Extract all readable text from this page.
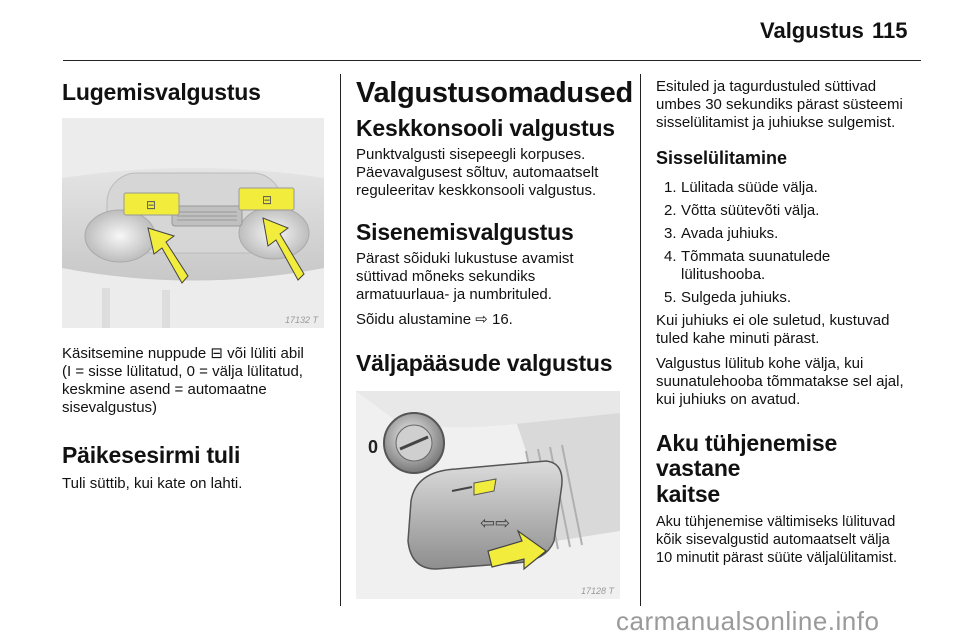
Valgustus 115
Lugemisvalgustus
⊟	⊟
17132 T

Käsitsemine nuppude ⊟ või lüliti abil
(I = sisse lülitatud, 0 = välja lülitatud,
keskmine asend = automaatne
sisevalgustus)

Päikesesirmi tuli

Tuli süttib, kui kate on lahti.

Valgustusomadused
Keskkonsooli valgustus

Punktvalgusti sisepeegli korpuses.
Päevavalgusest sõltuv, automaatselt
reguleeritav keskkonsooli valgustus.

Sisenemisvalgustus

Pärast sõiduki lukustuse avamist
süttivad mõneks sekundiks
armatuurlaua- ja numbrituled.

Sõidu alustamine ⇨ 16.

Väljapääsude valgustus
0
⇦⇨
17128 T

Esituled ja tagurdustuled süttivad
umbes 30 sekundiks pärast süsteemi
sisselülitamist ja juhiukse sulgemist.

Sisselülitamine
1. Lülitada süüde välja.
2. Võtta süütevõti välja.
3. Avada juhiuks.
4. Tõmmata suunatulede lülitushooba.
5. Sulgeda juhiuks.

Kui juhiuks ei ole suletud, kustuvad
tuled kahe minuti pärast.

Valgustus lülitub kohe välja, kui
suunatulehooba tõmmatakse sel ajal,
kui juhiuks on avatud.

Aku tühjenemise vastane
kaitse

Aku tühjenemise vältimiseks lülituvad
kõik sisevalgustid automaatselt välja
10 minutit pärast süüte väljalülitamist.

carmanualsonline.info
